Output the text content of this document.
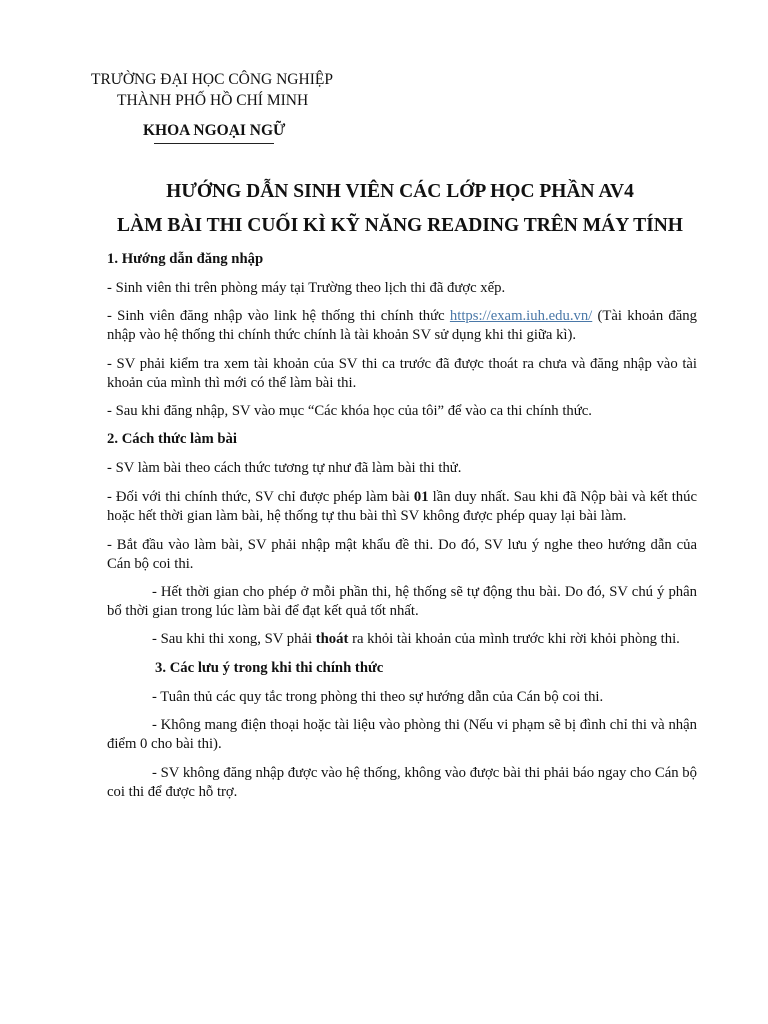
TRƯỜNG ĐẠI HỌC CÔNG NGHIỆP
THÀNH PHỐ HỒ CHÍ MINH
KHOA NGOẠI NGỮ
HƯỚNG DẪN SINH VIÊN CÁC LỚP HỌC PHẦN AV4
LÀM BÀI THI CUỐI KÌ KỸ NĂNG READING TRÊN MÁY TÍNH
1. Hướng dẫn đăng nhập
- Sinh viên thi trên phòng máy tại Trường theo lịch thi đã được xếp.
- Sinh viên đăng nhập vào link hệ thống thi chính thức https://exam.iuh.edu.vn/ (Tài khoản đăng nhập vào hệ thống thi chính thức chính là tài khoản SV sử dụng khi thi giữa kì).
- SV phải kiểm tra xem tài khoản của SV thi ca trước đã được thoát ra chưa và đăng nhập vào tài khoản của mình thì mới có thể làm bài thi.
- Sau khi đăng nhập, SV vào mục “Các khóa học của tôi” để vào ca thi chính thức.
2. Cách thức làm bài
- SV làm bài theo cách thức tương tự như đã làm bài thi thử.
- Đối với thi chính thức, SV chỉ được phép làm bài 01 lần duy nhất. Sau khi đã Nộp bài và kết thúc hoặc hết thời gian làm bài, hệ thống tự thu bài thì SV không được phép quay lại bài làm.
- Bắt đầu vào làm bài, SV phải nhập mật khẩu đề thi. Do đó, SV lưu ý nghe theo hướng dẫn của Cán bộ coi thi.
- Hết thời gian cho phép ở mỗi phần thi, hệ thống sẽ tự động thu bài. Do đó, SV chú ý phân bổ thời gian trong lúc làm bài để đạt kết quả tốt nhất.
- Sau khi thi xong, SV phải thoát ra khỏi tài khoản của mình trước khi rời khỏi phòng thi.
3. Các lưu ý trong khi thi chính thức
- Tuân thủ các quy tắc trong phòng thi theo sự hướng dẫn của Cán bộ coi thi.
- Không mang điện thoại hoặc tài liệu vào phòng thi (Nếu vi phạm sẽ bị đình chỉ thi và nhận điểm 0 cho bài thi).
- SV không đăng nhập được vào hệ thống, không vào được bài thi phải báo ngay cho Cán bộ coi thi để được hỗ trợ.
